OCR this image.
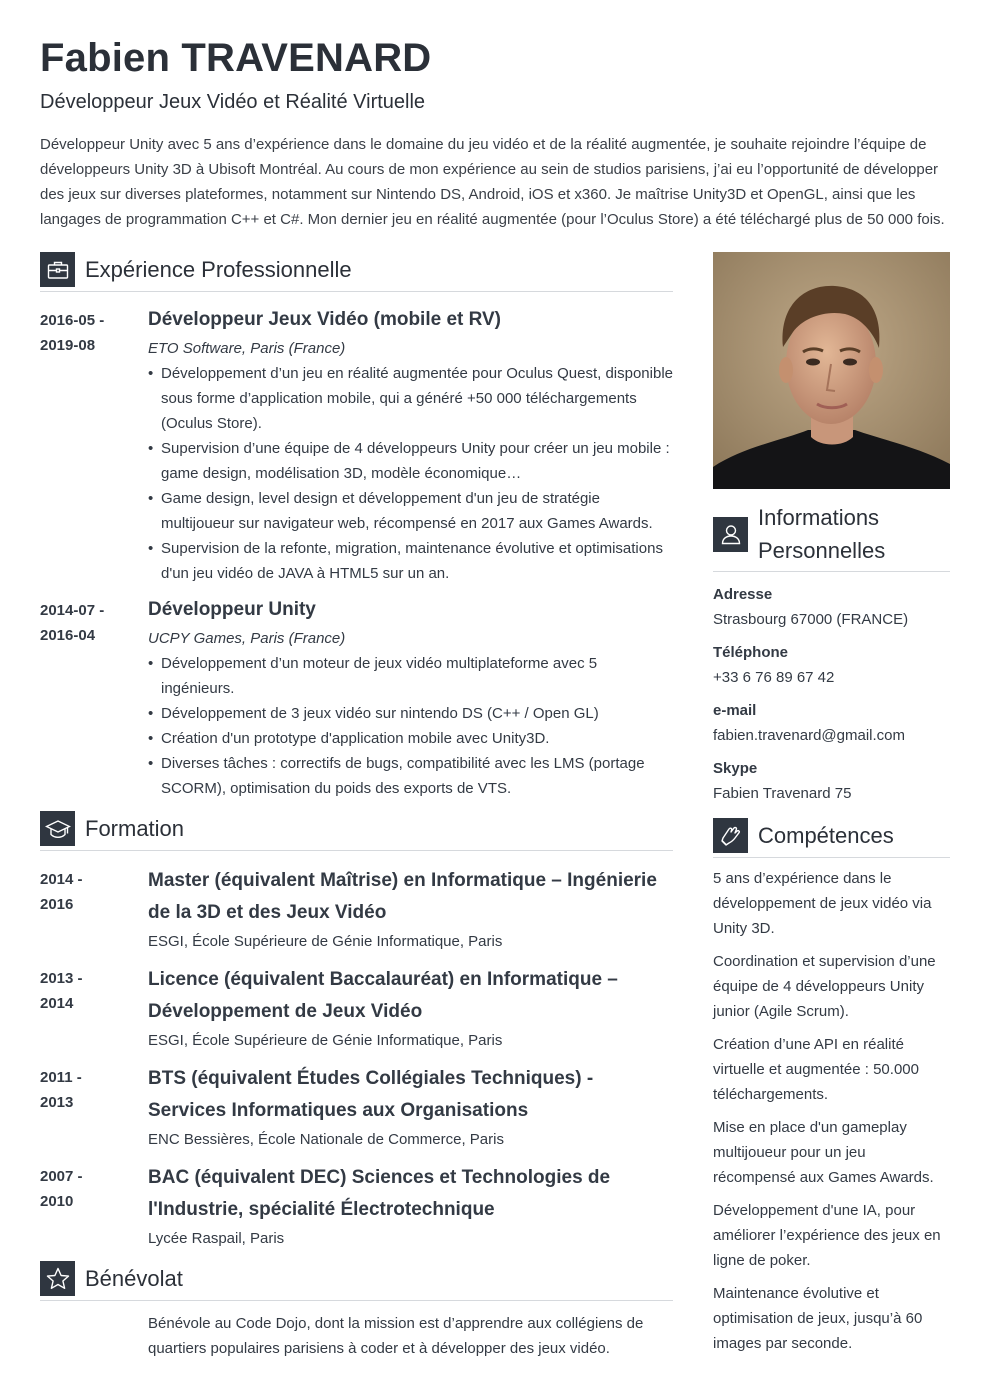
Fabien TRAVENARD
Développeur Jeux Vidéo et Réalité Virtuelle
Développeur Unity avec 5 ans d’expérience dans le domaine du jeu vidéo et de la réalité augmentée, je souhaite rejoindre l’équipe de développeurs Unity 3D à Ubisoft Montréal. Au cours de mon expérience au sein de studios parisiens, j’ai eu l’opportunité de développer des jeux sur diverses plateformes, notamment sur Nintendo DS, Android, iOS et x360. Je maîtrise Unity3D et OpenGL, ainsi que les langages de programmation C++ et C#. Mon dernier jeu en réalité augmentée (pour l’Oculus Store) a été téléchargé plus de 50 000 fois.
Expérience Professionnelle
2016-05 -
2019-08
Développeur Jeux Vidéo (mobile et RV)
ETO Software, Paris (France)
• Développement d’un jeu en réalité augmentée pour Oculus Quest, disponible sous forme d’application mobile, qui a généré +50 000 téléchargements (Oculus Store).
• Supervision d’une équipe de 4 développeurs Unity pour créer un jeu mobile : game design, modélisation 3D, modèle économique…
• Game design, level design et développement d'un jeu de stratégie multijoueur sur navigateur web, récompensé en 2017 aux Games Awards.
• Supervision de la refonte, migration, maintenance évolutive et optimisations d'un jeu vidéo de JAVA à HTML5 sur un an.
2014-07 -
2016-04
Développeur Unity
UCPY Games, Paris (France)
• Développement d’un moteur de jeux vidéo multiplateforme avec 5 ingénieurs.
• Développement de 3 jeux vidéo sur nintendo DS (C++ / Open GL)
• Création d'un prototype d'application mobile avec Unity3D.
• Diverses tâches : correctifs de bugs, compatibilité avec les LMS (portage SCORM), optimisation du poids des exports de VTS.
Formation
2014 -
2016
Master (équivalent Maîtrise) en Informatique – Ingénierie de la 3D et des Jeux Vidéo
ESGI, École Supérieure de Génie Informatique, Paris
2013 -
2014
Licence (équivalent Baccalauréat) en Informatique – Développement de Jeux Vidéo
ESGI, École Supérieure de Génie Informatique, Paris
2011 -
2013
BTS (équivalent Études Collégiales Techniques) - Services Informatiques aux Organisations
ENC Bessières, École Nationale de Commerce, Paris
2007 -
2010
BAC (équivalent DEC) Sciences et Technologies de l'Industrie, spécialité Électrotechnique
Lycée Raspail, Paris
Bénévolat
Bénévole au Code Dojo, dont la mission est d’apprendre aux collégiens de quartiers populaires parisiens à coder et à développer des jeux vidéo.
Informations Personnelles
Adresse
Strasbourg 67000 (FRANCE)
Téléphone
+33 6 76 89 67 42
e-mail
fabien.travenard@gmail.com
Skype
Fabien Travenard 75
Compétences
5 ans d’expérience dans le développement de jeux vidéo via Unity 3D.
Coordination et supervision d’une équipe de 4 développeurs Unity junior (Agile Scrum).
Création d’une API en réalité virtuelle et augmentée : 50.000 téléchargements.
Mise en place d'un gameplay multijoueur pour un jeu récompensé aux Games Awards.
Développement d'une IA, pour améliorer l’expérience des jeux en ligne de poker.
Maintenance évolutive et optimisation de jeux, jusqu’à 60 images par seconde.
